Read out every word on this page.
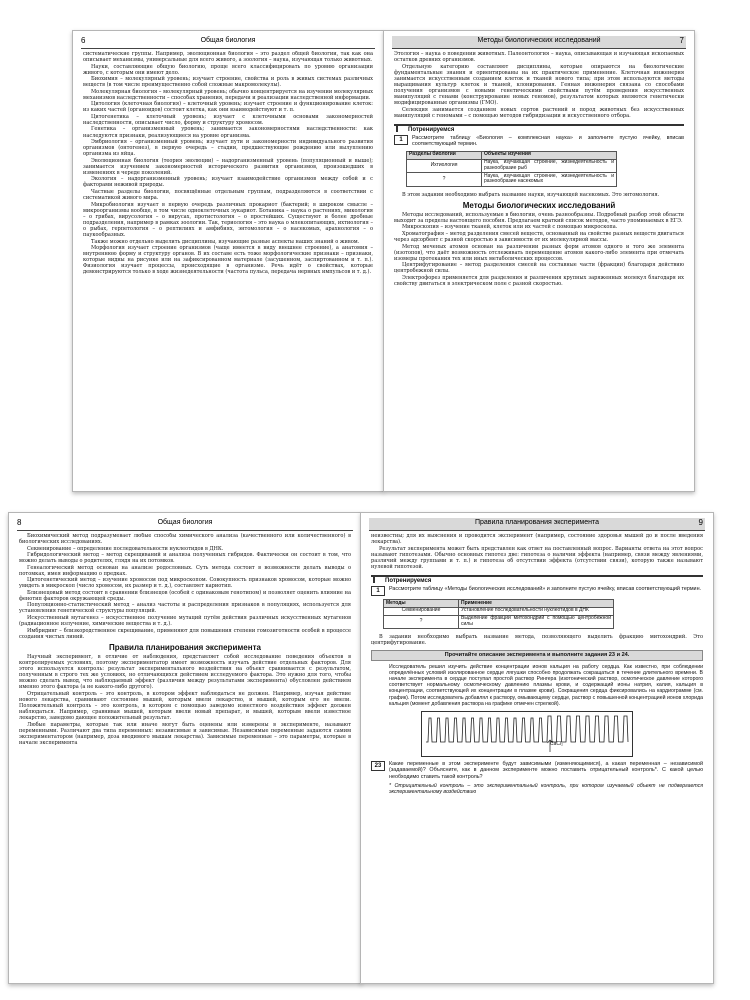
6	Общая биология

систематические группы. Например, эволюционная биология – это раздел общей биологии, так как она описывает механизмы, универсальные для всего живого, а зоология – наука, изучающая только животных.

Науки, составляющие общую биологию, проще всего классифицировать по уровню организации живого, с которым они имеют дело.

Биохимия – молекулярный уровень; изучает строение, свойства и роль в живых системах различных веществ (в том числе преимущественно собой сложные макромолекулы).

Молекулярная биология – молекулярный уровень; обычно концентрируется на изучении молекулярных механизмов наследственности – способах хранения, передачи и реализации наследственной информации.

Цитология (клеточная биология) – клеточный уровень; изучает строение и функционирование клеток: из каких частей (органоидов) состоит клетка, как они взаимодействуют и т. п.

Цитогенетика – клеточный уровень; изучает с клеточными основами закономерностей наследственности, описывает число, форму и структуру хромосом.

Генетика – организменный уровень; занимается закономерностями наследственности: как наследуются признаки, реализующиеся на уровне организма.

Эмбриология – организменный уровень; изучает пути и закономерности индивидуального развития организмов (онтогенез), в первую очередь – стадии, предшествующие рождению или вылуплению организма из яйца.

Эволюционная биология (теория эволюции) – надорганизменный уровень (популяционный и выше); занимается изучением закономерностей исторического развития организмов, произошедших в изменениях в череде поколений.

Экология – надорганизменный уровень; изучает взаимодействие организмов между собой и с факторами неживой природы.

Частные разделы биологии, посвящённые отдельным группам, подразделяются в соответствии с систематикой живого мира.

Микробиология изучает в первую очередь различных прокариот (бактерий; в широком смысле – микроорганизмы вообще, в том числе одноклеточных эукариот. Ботаника – наука о растениях, микология – о грибах, вирусология – о вирусах, протистология – о простейших. Существуют и более дробные подразделения, например в рамках зоологии. Так, териология – это наука о млекопитающих, ихтиология – о рыбах, герпетология – о рептилиях и амфибиях, энтомология – о насекомых, арахнология – о паукообразных.

Также можно отдельно выделить дисциплины, изучающие разные аспекты наших знаний о живом.

Морфология изучает строение организмов (чаще имеется в виду внешнее строение), а анатомия – внутреннюю форму и структуру органов. В их составе есть тоже морфологические признаки – признаки, которые видны на рисунке или на зафиксированном материале (засушенном, заспиртованном и т. п.). Физиология изучает процессы, происходящие в организме. Речь идёт о свойствах, которые демонстрируются только в ходе жизнедеятельности (частота пульса, передача нервных импульсов и т. д.).

Методы биологических исследований	7

Этология – наука о поведении животных. Палеонтология – наука, описывающая и изучающая ископаемых остатков древних организмов.

Отдельную категорию составляют дисциплины, которые опираются на биологические фундаментальные знания и ориентированы на их практическое применение. Клеточная инженерия занимается искусственным созданием клеток и тканей нового типа; при этом используются методы выращивания культур клеток и тканей, клонирования. Генная инженерия связана со способами получения организмов с новыми генетическими свойствами путём проведения искусственных манипуляций с генами (конструирование новых геномов), результатом которых являются генетически модифицированные организмы (ГМО).

Селекция занимается созданием новых сортов растений и пород животных без искусственных манипуляций с геномами – с помощью методов гибридизации и искусственного отбора.

Потренируемся
1	Рассмотрите таблицу «Биология – комплексная наука» и заполните пустую ячейку, вписав соответствующий термин.
Разделы биологии	Объекты изучения
Ихтиология	Наука, изучающая строение, жизнедеятельность и разнообразие рыб
?	Наука, изучающая строение, жизнедеятельность и разнообразие насекомых

В этом задании необходимо выбрать название науки, изучающей насекомых. Это энтомология.

Методы биологических исследований

Методы исследований, используемые в биологии, очень разнообразны. Подробный разбор этой области выходит за пределы настоящего пособия. Предлагаем краткий список методов, часто упоминаемых в ЕГЭ.

Микроскопия – изучение тканей, клеток или их частей с помощью микроскопа.

Хроматография – метод разделения смесей веществ, основанный на свойстве разных веществ двигаться через адсорбент с разной скоростью в зависимости от их молекулярной массы.

Метод меченых атомов основан на различении разных форм атомов одного и того же элемента (изотопов), что даёт возможность отслеживать перемещение атомов какого-либо элемента при отмечать изомеры протекания тех или иных метаболических процессов.

Центрифугирование – метод разделения смесей на составные части (фракции) благодаря действию центробежной силы.

Электрофорез применяется для разделения и различения крупных заряженных молекул благодаря их свойству двигаться в электрическом поле с разной скоростью.

8	Общая биология

Биохимический метод подразумевает любые способы химического анализа (качественного или количественного) в биологических исследованиях.

Секвенирование – определение последовательности нуклеотидов в ДНК.

Гибридологический метод – метод скрещиваний и анализа полученных гибридов. Фактически он состоит в том, что можно делать выводы о родителях, глядя на их потомков.

Генеалогический метод основан на анализе родословных. Суть метода состоит в возможности делать выводы о потомках, имея информацию о предках.

Цитогенетический метод – изучение хромосом под микроскопом. Совокупность признаков хромосом, которые можно увидеть в микроскоп (число хромосом, их размер и т. д.), составляет кариотип.

Близнецовый метод состоит в сравнении близнецов (особей с одинаковым генотипом) и позволяет оценить влияние на фенотип факторов окружающей среды.

Популяционно-статистический метод – анализ частоты и распределения признаков в популяциях, используется для установления генетической структуры популяций.

Искусственный мутагенез – искусственное получение мутаций путём действия различных искусственных мутагенов (радиационное излучение, химические вещества и т. д.).

Имбридинг – близкородственное скрещивание, применяют для повышения степени гомозиготности особей в процессе создания чистых линий.

Правила планирования эксперимента

Научный эксперимент, в отличие от наблюдения, представляет собой исследование поведения объектов в контролируемых условиях, поэтому экспериментатор имеет возможность изучать действие отдельных факторов. Для этого используется контроль: результат экспериментального воздействия на объект сравнивается с результатом, полученным в строго тех же условиях, но отличающихся действием исследуемого фактора. Это нужно для того, чтобы можно сделать вывод, что наблюдаемый эффект (различия между результатами эксперимента) обусловлен действием именно этого фактора (а не какого-либо другого).

Отрицательный контроль – это контроль, в котором эффект наблюдаться не должен. Например, изучая действие нового лекарства, сравнивают состояние мышей, которым ввели лекарство, и мышей, которым его не ввели. Положительный контроль – это контроль, в котором с помощью заведомо известного воздействия эффект должен наблюдаться. Например, сравнивая мышей, которым ввели новый препарат, и мышей, которым ввели известное лекарство, заведомо дающее положительный результат.

Любые параметры, которые так или иначе могут быть оценены или измерены в эксперименте, называют переменными. Различают два типа переменных: независимые и зависимые. Независимые переменные задаются самим экспериментатором (например, доза вводимого мышам лекарства). Зависимые переменные – это параметры, которые в начале эксперимента

Правила планирования эксперимента	9

неизвестны; для их выяснения и проводится эксперимент (например, состояние здоровья мышей до и после введения лекарства).

Результат эксперимента может быть представлен как ответ на поставленный вопрос. Варианты ответа на этот вопрос называют гипотезами. Обычно основных гипотез две: гипотеза о наличии эффекта (например, связи между явлениями, различий между группами и т. п.) и гипотеза об отсутствии эффекта (отсутствии связи), которую также называют нулевой гипотезой.

Потренируемся
1	Рассмотрите таблицу «Методы биологических исследований» и заполните пустую ячейку, вписав соответствующий термин.
Методы	Применение
Секвенирование	Установление последовательности нуклеотидов в ДНК
?	Выделение фракции митохондрий с помощью центробежной силы

В задании необходимо выбрать название метода, позволяющего выделить фракцию митохондрий. Это центрифугирование.

Прочитайте описание эксперимента и выполните задания 23 и 24.
Исследователь решил изучить действие концентрации ионов кальция на работу сердца. Как известно, при соблюдении определённых условий изолированное сердце лягушки способно продолжать сокращаться в течение длительного времени. В начале эксперимента в сердце поступал простой раствор Рингера (изотонический раствор, осмотическое давление которого соответствует нормальному осмотическому давлению плазмы крови, и содержащий ионы натрия, калия, кальция в концентрации, соответствующей их концентрации в плазме крови). Сокращения сердца фиксировались на кардиограмме (см. график). Потом исследователь добавлял к раствору, омывающему сердце, раствор с повышенной концентрацией ионов хлорида кальция (момент добавления раствора на графике отмечен стрелкой).
CaCl₂
23	Какие переменные в этом эксперименте будут зависимыми (изменяющимися), а какая переменная – независимой (задаваемой)? Объясните, как в данном эксперименте можно поставить отрицательный контроль*. С какой целью необходимо ставить такой контроль?
* Отрицательный контроль – это экспериментальный контроль, при котором изучаемый объект не подвергается экспериментальному воздействию
